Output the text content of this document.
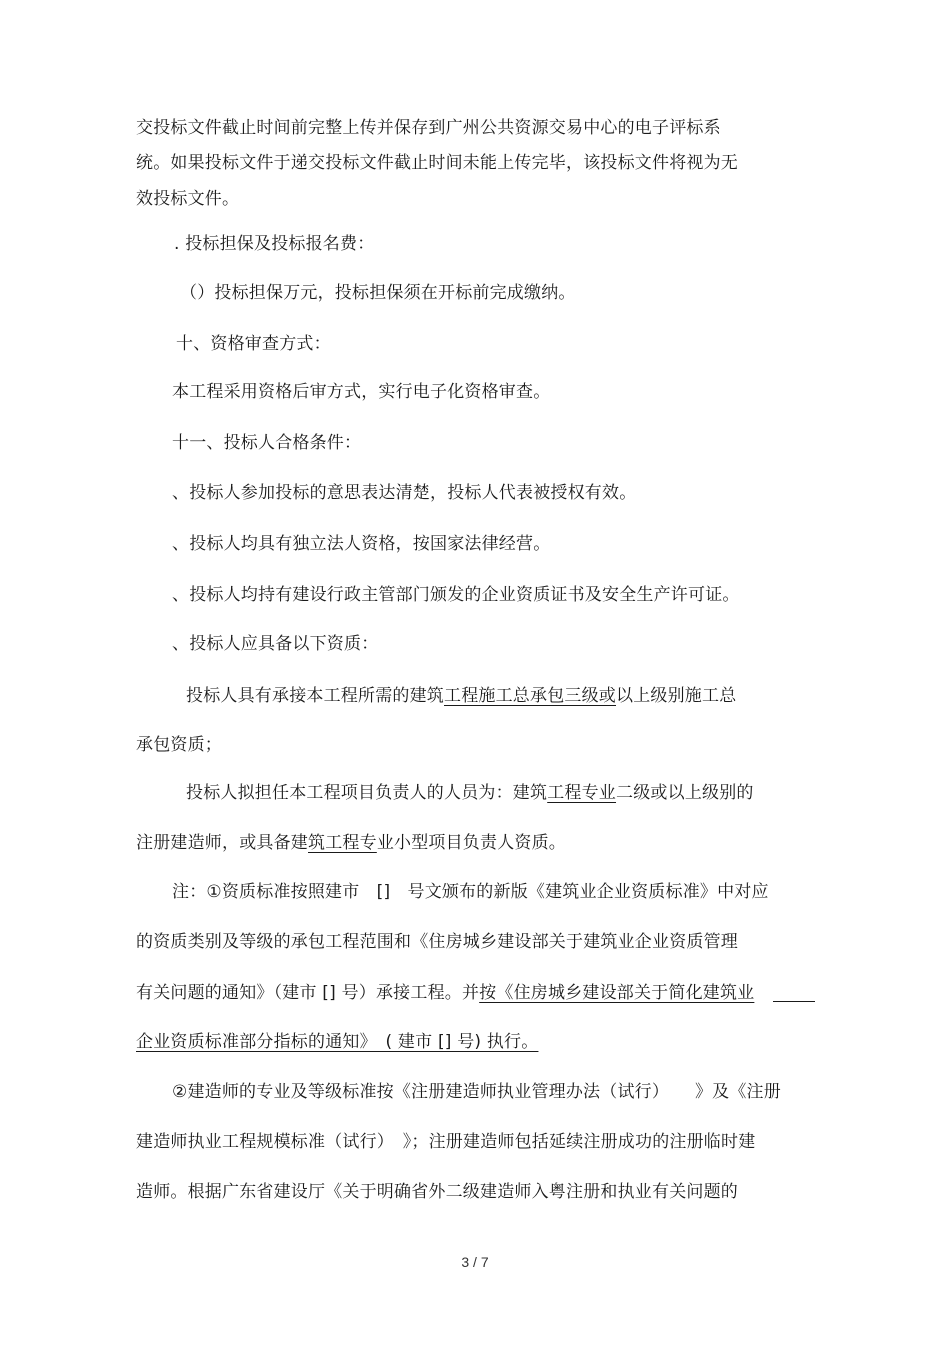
交投标文件截止时间前完整上传并保存到广州公共资源交易中心的电子评标系
统。如果投标文件于递交投标文件截止时间未能上传完毕，该投标文件将视为无
效投标文件。
. 投标担保及投标报名费：
（）投标担保万元，投标担保须在开标前完成缴纳。
十、资格审查方式：
本工程采用资格后审方式，实行电子化资格审查。
十一、投标人合格条件：
、投标人参加投标的意思表达清楚，投标人代表被授权有效。
、投标人均具有独立法人资格，按国家法律经营。
、投标人均持有建设行政主管部门颁发的企业资质证书及安全生产许可证。
、投标人应具备以下资质：
投标人具有承接本工程所需的建筑工程施工总承包三级或以上级别施工总
承包资质；
投标人拟担任本工程项目负责人的人员为：建筑工程专业二级或以上级别的
注册建造师，或具备建筑工程专业小型项目负责人资质。
注：①资质标准按照建市　[]　号文颁布的新版《建筑业企业资质标准》中对应
的资质类别及等级的承包工程范围和《住房城乡建设部关于建筑业企业资质管理
有关问题的通知》（建市 [] 号）承接工程。并按《住房城乡建设部关于简化建筑业
企业资质标准部分指标的通知》　( 建市 [] 号) 执行。
②建造师的专业及等级标准按《注册建造师执业管理办法（试行）　　》及《注册
建造师执业工程规模标准（试行）　》；注册建造师包括延续注册成功的注册临时建
造师。根据广东省建设厅《关于明确省外二级建造师入粤注册和执业有关问题的
3 / 7
